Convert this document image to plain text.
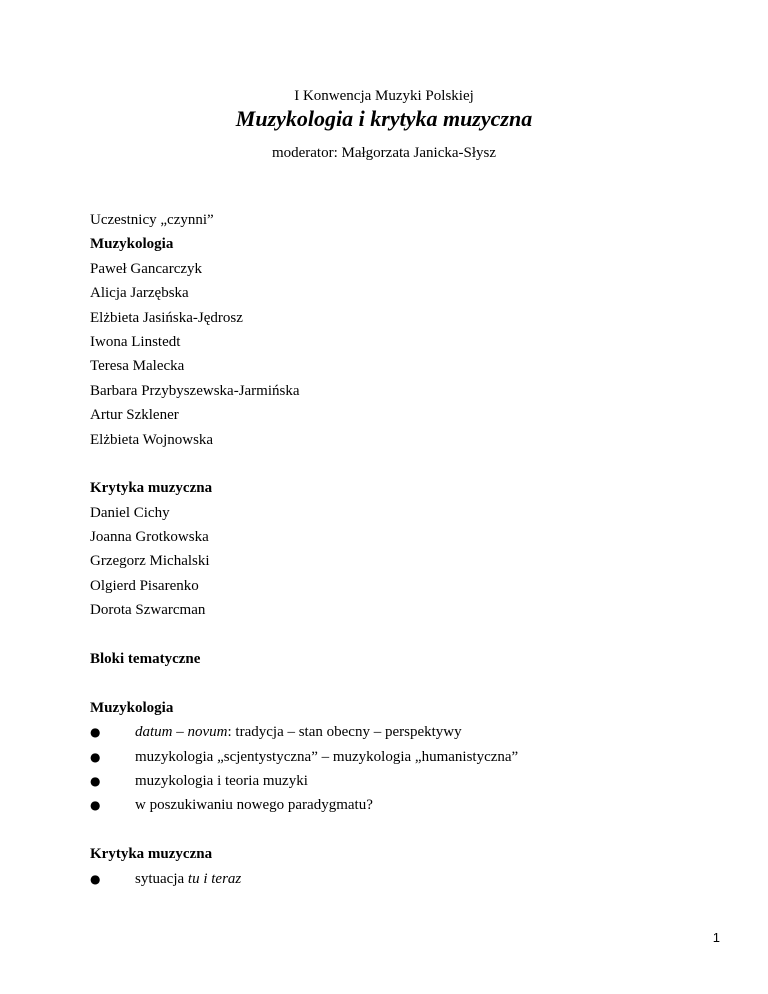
I Konwencja Muzyki Polskiej
Muzykologia i krytyka muzyczna
moderator: Małgorzata Janicka-Słysz
Uczestnicy „czynni”
Muzykologia
Paweł Gancarczyk
Alicja Jarzębska
Elżbieta Jasińska-Jędrosz
Iwona Linstedt
Teresa Malecka
Barbara Przybyszewska-Jarmińska
Artur Szklener
Elżbieta Wojnowska
Krytyka muzyczna
Daniel Cichy
Joanna Grotkowska
Grzegorz Michalski
Olgierd Pisarenko
Dorota Szwarcman
Bloki tematyczne
Muzykologia
●	datum – novum: tradycja – stan obecny – perspektywy
●	muzykologia „scjentystyczna” – muzykologia „humanistyczna”
●	muzykologia i teoria muzyki
●	w poszukiwaniu nowego paradygmatu?
Krytyka muzyczna
●	sytuacja tu i teraz
1
